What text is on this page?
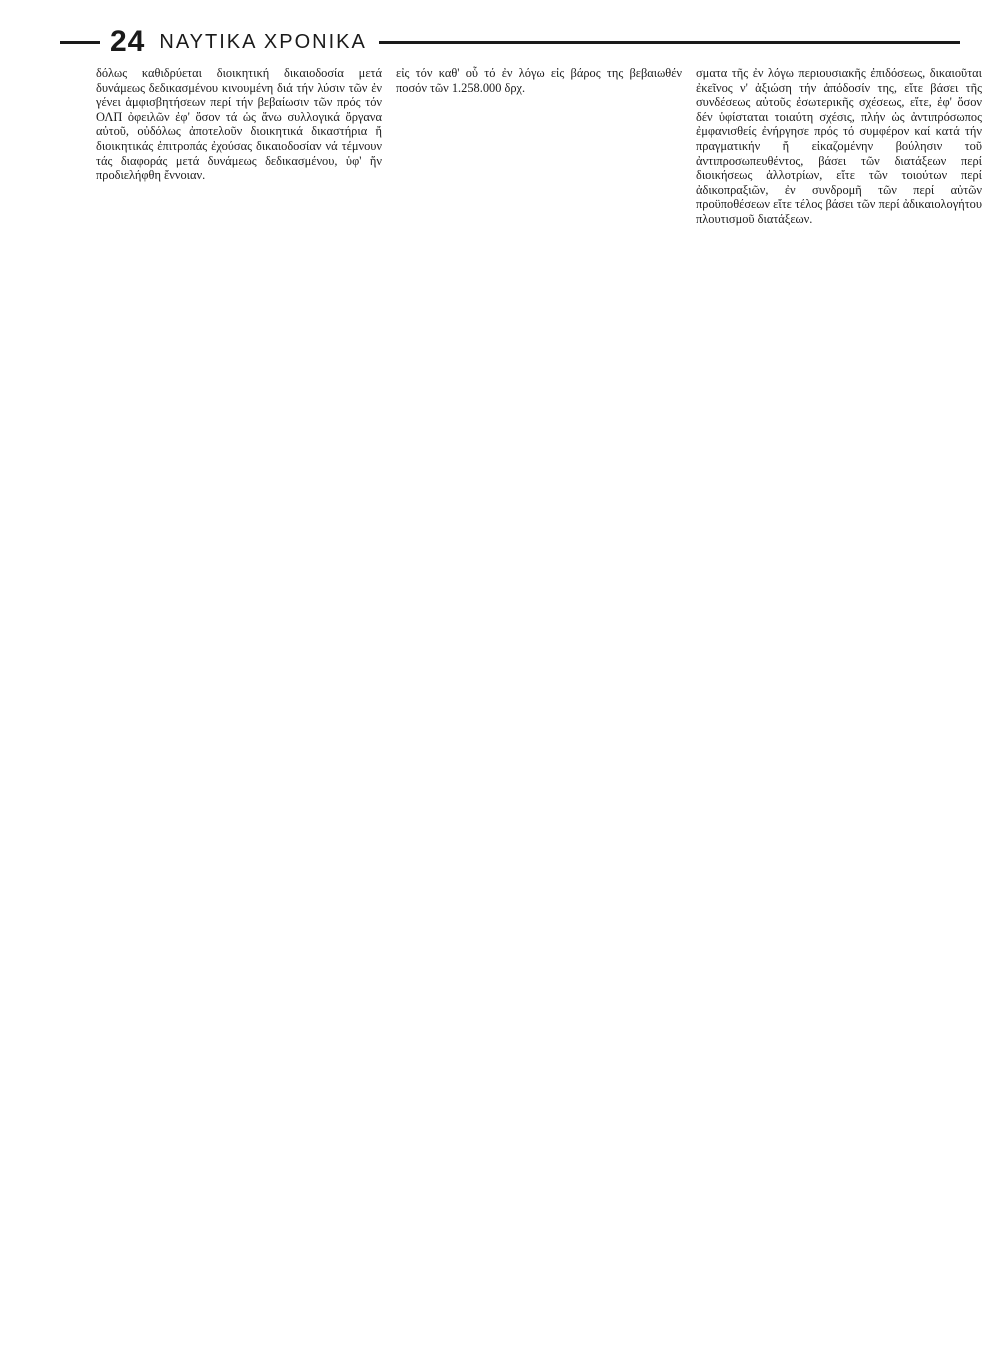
24 ΝΑΥΤΙΚΑ ΧΡΟΝΙΚΑ

δόλως καθιδρύεται διοικητική δικαιοδοσία μετά δυνάμεως δεδικασμένου κινουμένη διά τήν λύσιν τῶν ἐν γένει ἀμφισβητήσεων περί τήν βεβαίωσιν τῶν πρός τόν ΟΛΠ ὀφειλῶν ἐφ' ὅσον τά ὡς ἄνω συλλογικά ὄργανα αὐτοῦ, οὐδόλως ἀποτελοῦν διοικητικά δικαστήρια ἤ διοικητικάς ἐπιτροπάς ἐχούσας δικαιοδοσίαν νά τέμνουν τάς διαφοράς μετά δυνάμεως δεδικασμένου, ὑφ' ἥν προδιελήφθη ἔννοιαν.

εἰς τόν καθ' οὗ τό ἐν λόγω εἰς βάρος της βεβαιωθέν ποσόν τῶν 1.258.000 δρχ.

σματα τῆς ἐν λόγω περιουσιακῆς ἐπιδόσεως, δικαιοῦται ἐκεῖνος ν' ἀξιώση τήν ἀπόδοσίν της, εἴτε βάσει τῆς συνδέσεως αὐτοῦς ἐσωτερικῆς σχέσεως, εἴτε, ἐφ' ὅσον δέν ὑφίσταται τοιαύτη σχέσις, πλήν ὡς ἀντιπρόσωπος ἐμφανισθείς ἐνήργησε πρός τό συμφέρον καί κατά τήν πραγματικήν ἤ εἰκαζομένην βούλησιν τοῦ ἀντιπροσωπευθέντος, βάσει τῶν διατάξεων περί διοικήσεως ἀλλοτρίων, εἴτε τῶν τοιούτων περί ἀδικοπραξιῶν, ἐν συνδρομῆ τῶν περί αὐτῶν προϋποθέσεων εἴτε τέλος βάσει τῶν περί ἀδικαιολογήτου πλουτισμοῦ διατάξεων.
